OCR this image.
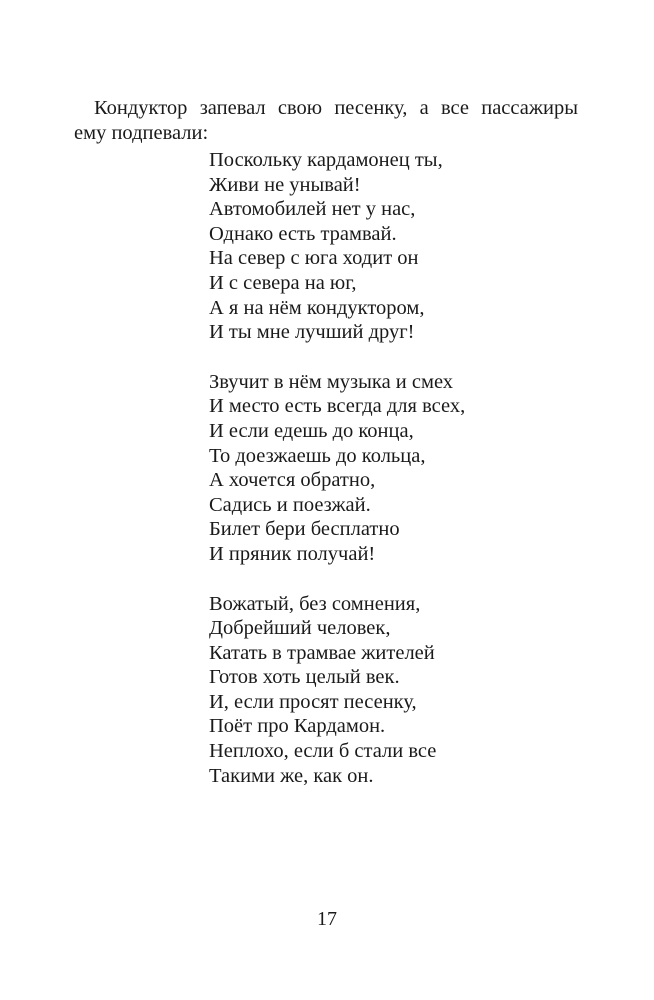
Кондуктор запевал свою песенку, а все пассажиры
ему подпевали:

Поскольку кардамонец ты,
Живи не унывай!
Автомобилей нет у нас,
Однако есть трамвай.
На север с юга ходит он
И с севера на юг,
А я на нём кондуктором,
И ты мне лучший друг!
Звучит в нём музыка и смех
И место есть всегда для всех,
И если едешь до конца,
То доезжаешь до кольца,
А хочется обратно,
Садись и поезжай.
Билет бери бесплатно
И пряник получай!
Вожатый, без сомнения,
Добрейший человек,
Катать в трамвае жителей
Готов хоть целый век.
И, если просят песенку,
Поёт про Кардамон.
Неплохо, если б стали все
Такими же, как он.
17
